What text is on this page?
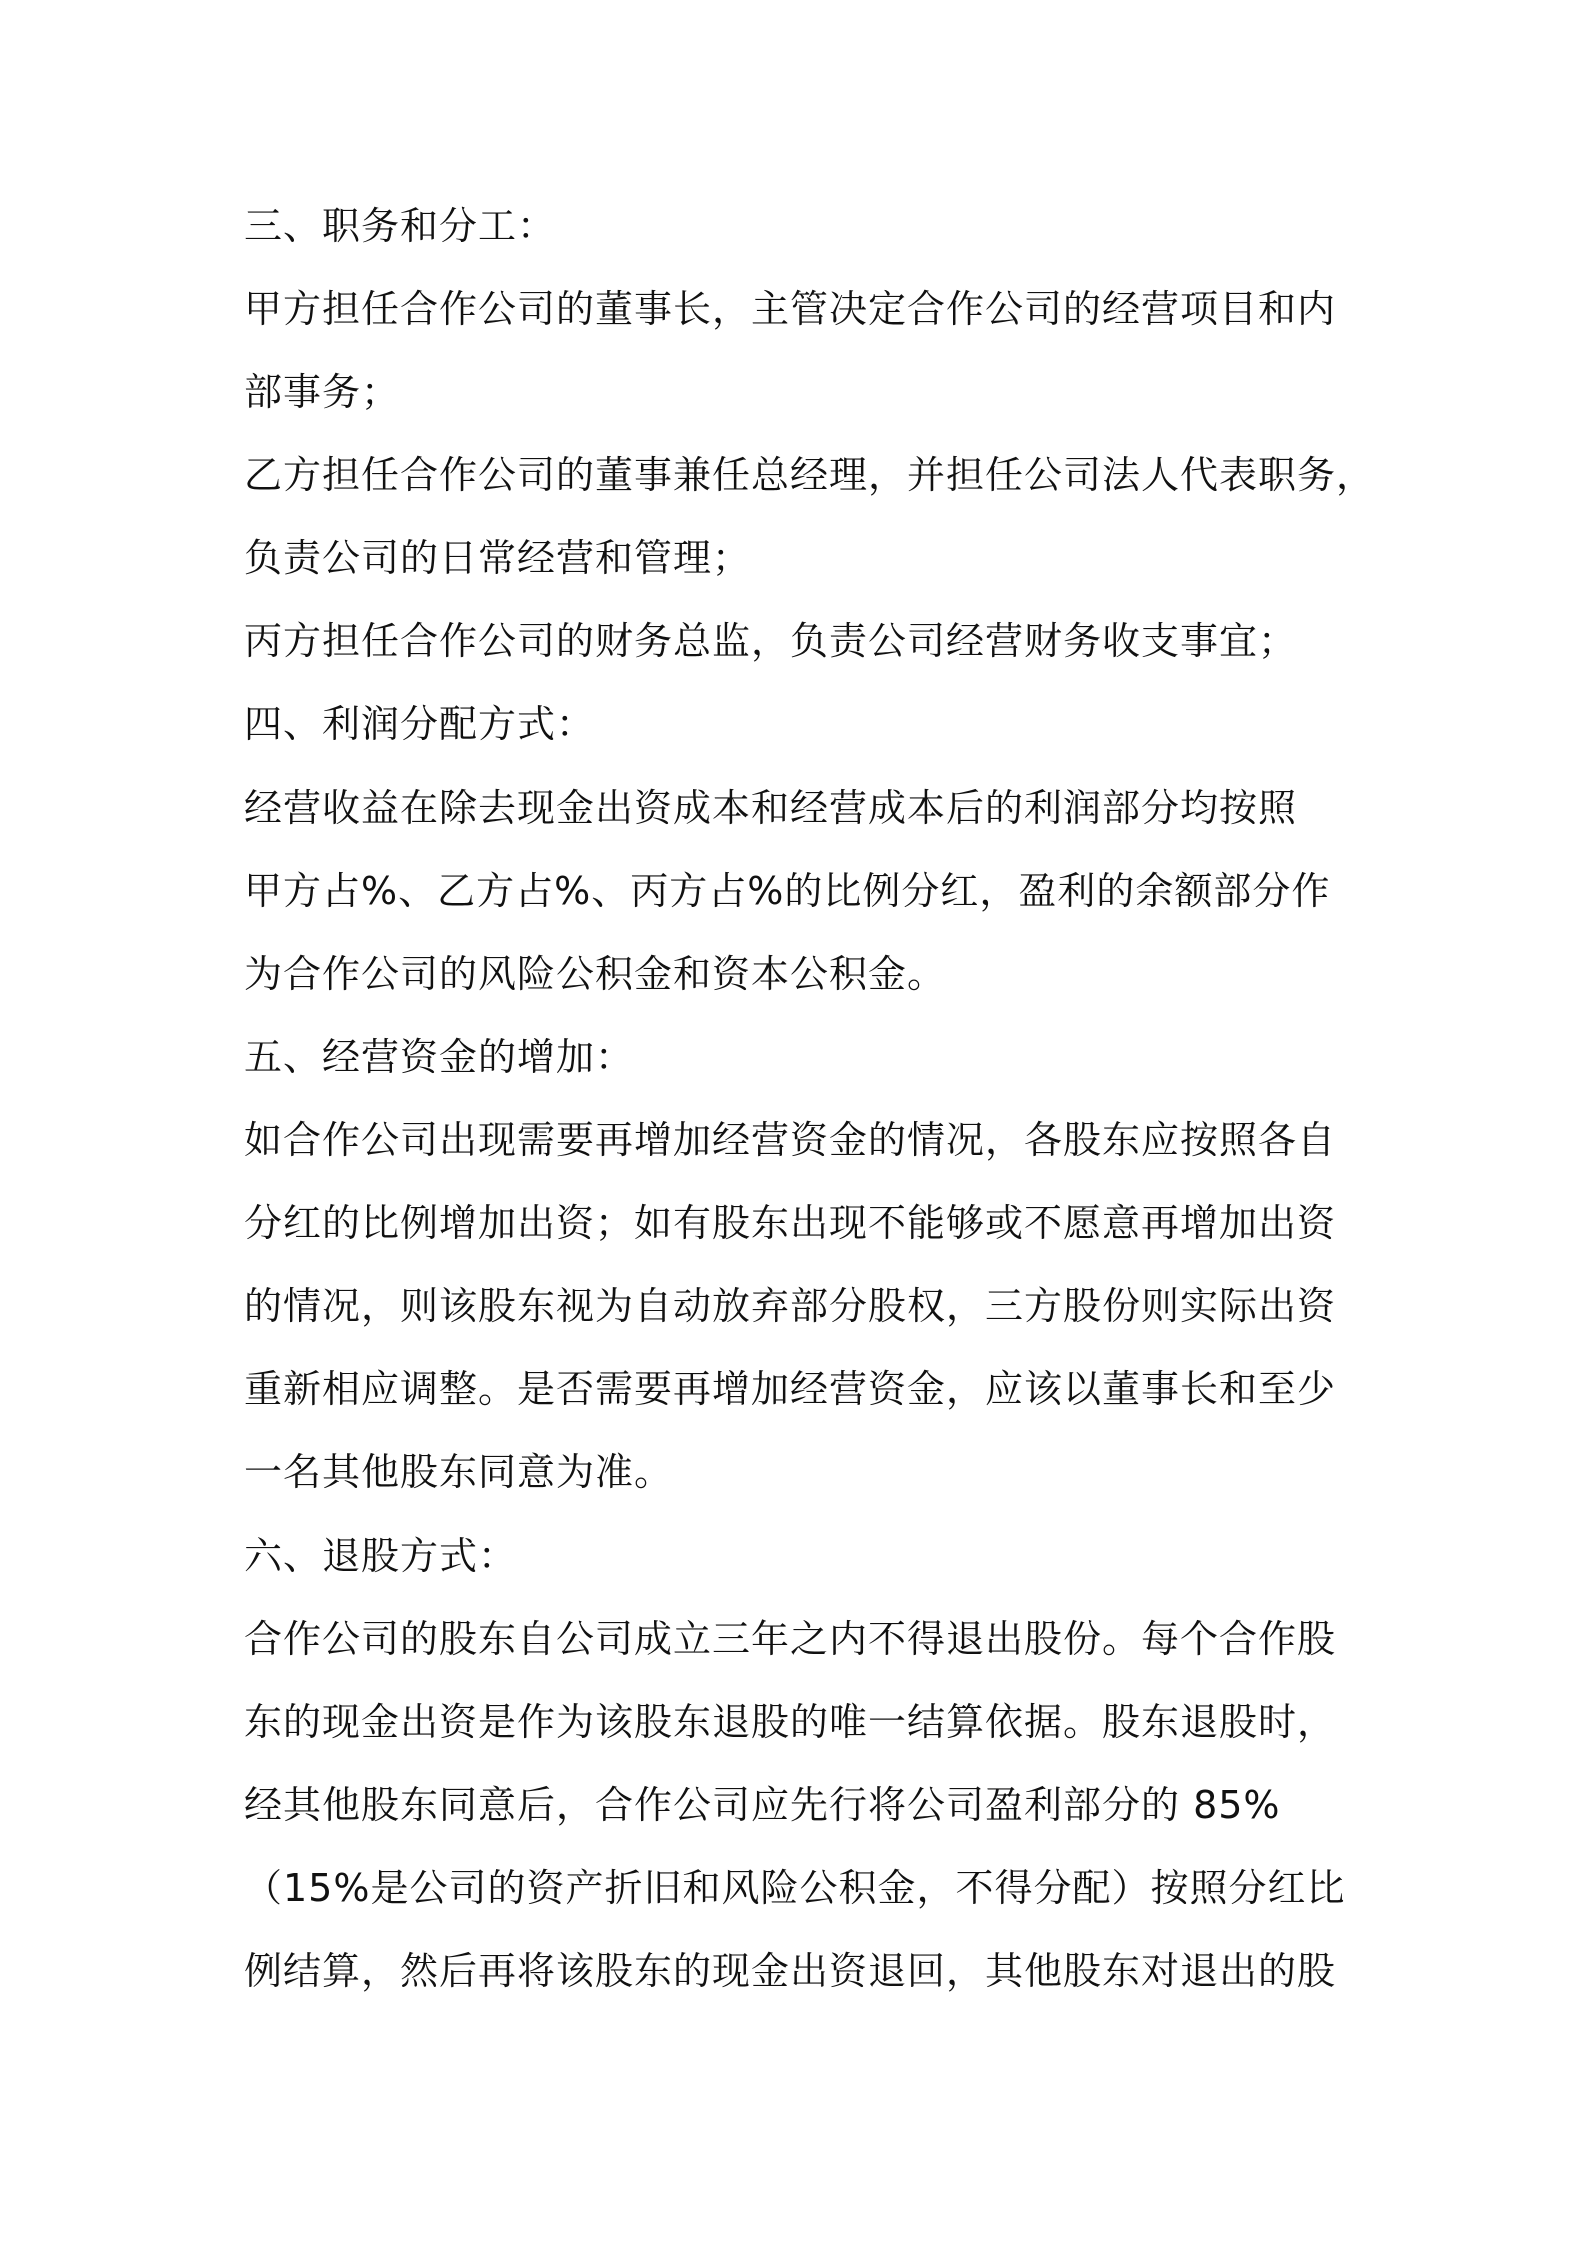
三、职务和分工：

甲方担任合作公司的董事长，主管决定合作公司的经营项目和内

部事务；

乙方担任合作公司的董事兼任总经理，并担任公司法人代表职务，

负责公司的日常经营和管理；

丙方担任合作公司的财务总监，负责公司经营财务收支事宜；

四、利润分配方式：

经营收益在除去现金出资成本和经营成本后的利润部分均按照

甲方占%、乙方占%、丙方占%的比例分红，盈利的余额部分作

为合作公司的风险公积金和资本公积金。

五、经营资金的增加：

如合作公司出现需要再增加经营资金的情况，各股东应按照各自

分红的比例增加出资；如有股东出现不能够或不愿意再增加出资

的情况，则该股东视为自动放弃部分股权，三方股份则实际出资

重新相应调整。是否需要再增加经营资金，应该以董事长和至少

一名其他股东同意为准。

六、退股方式：

合作公司的股东自公司成立三年之内不得退出股份。每个合作股

东的现金出资是作为该股东退股的唯一结算依据。股东退股时，

经其他股东同意后，合作公司应先行将公司盈利部分的 85%

（15%是公司的资产折旧和风险公积金，不得分配）按照分红比

例结算，然后再将该股东的现金出资退回，其他股东对退出的股
